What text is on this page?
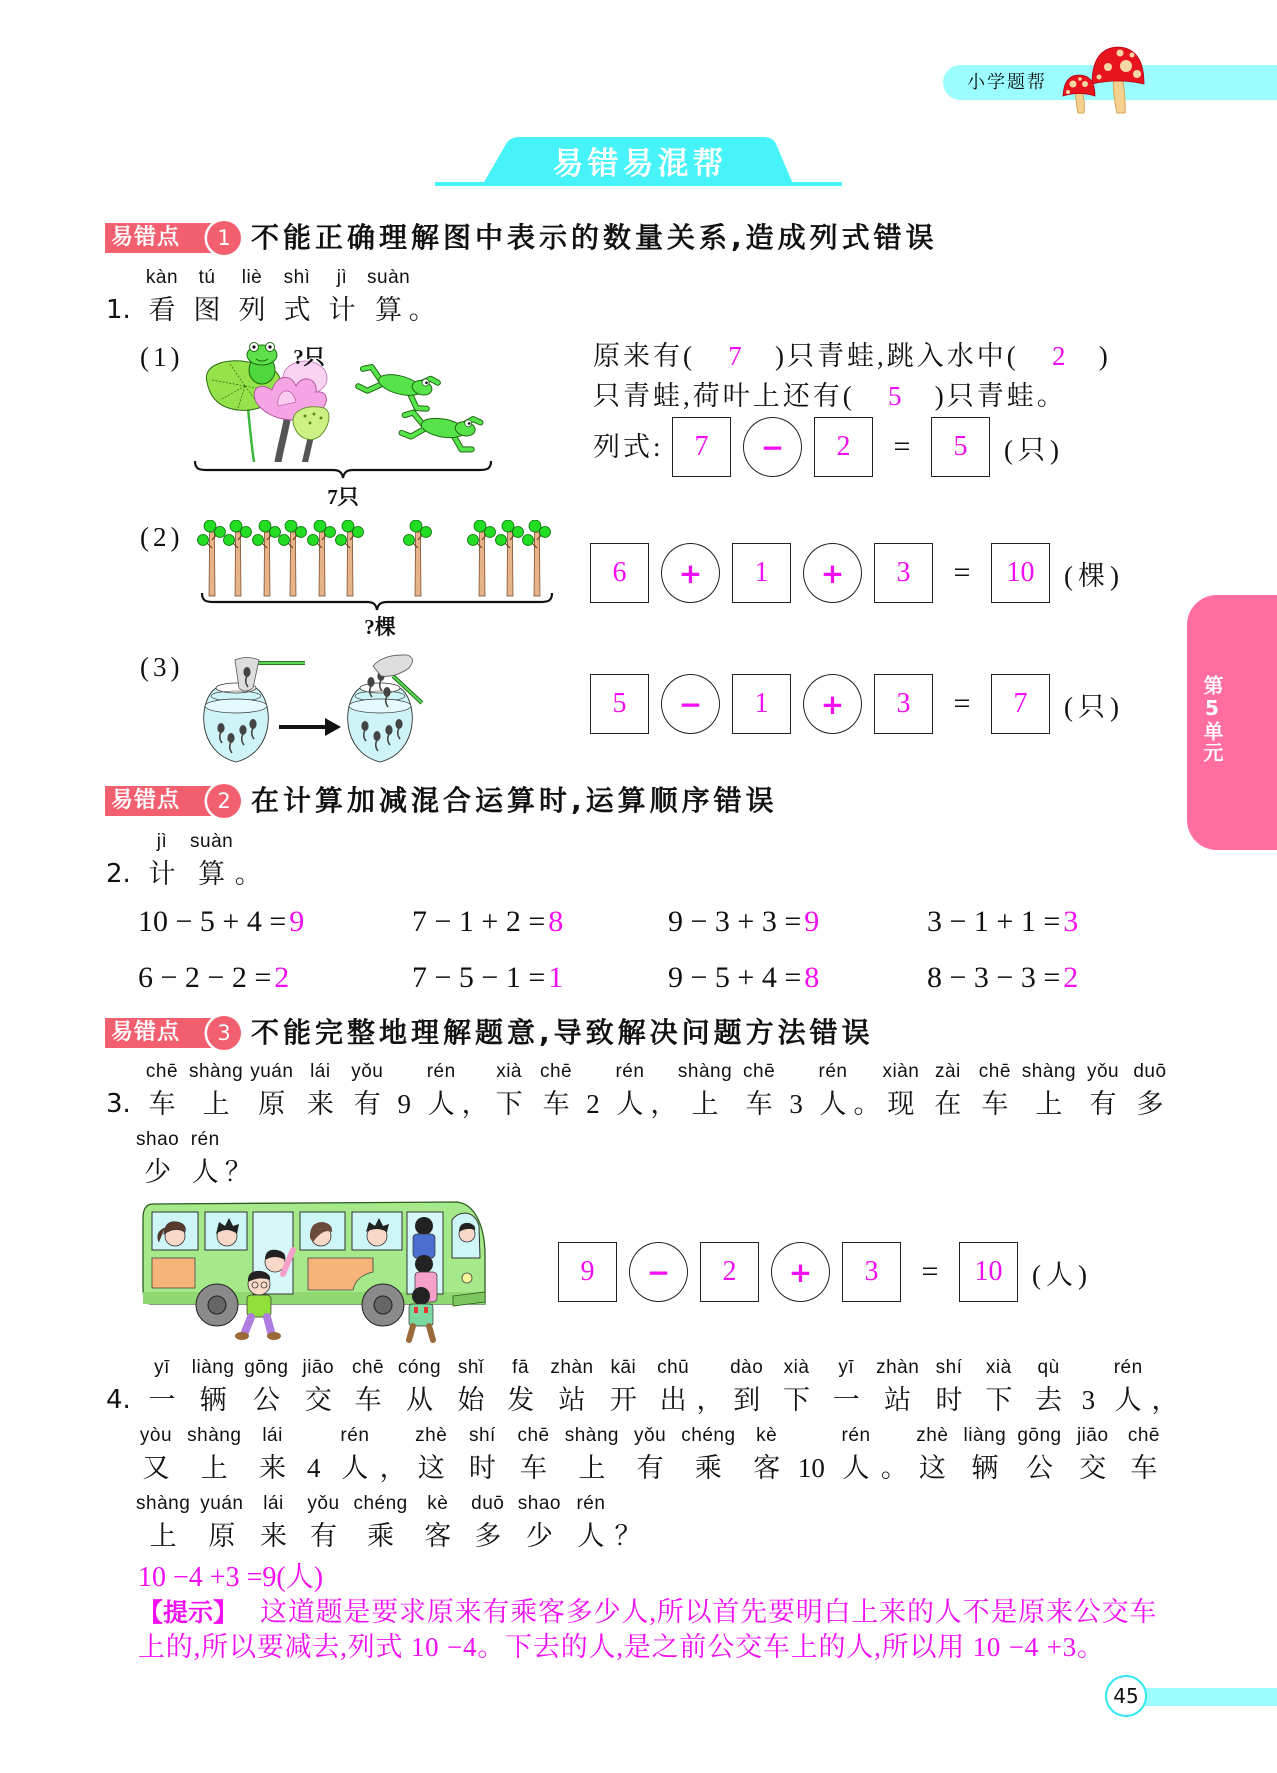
小学题帮
易错易混帮
第5单元
易错点	1 不能正确理解图中表示的数量关系,造成列式错误
1.
kàn
看
tú
图
liè
列
shì
式
jì
计
suàn
算 。
(1)	?只
7只
原来有( 7 )只青蛙,跳入水中( 2 )
只青蛙,荷叶上还有( 5 )只青蛙。
列式:	7	−	2	=	5	(只)
(2)
?棵
6	+	1	+	3	=	10	(棵)
(3)
5	−	1	+	3	=	7	(只)
易错点	2 在计算加减混合运算时,运算顺序错误
2.
jì
计
suàn
算 。
10 − 5 + 4 = 9	7 − 1 + 2 = 8	9 − 3 + 3 = 9	3 − 1 + 1 = 3
6 − 2 − 2 = 2	7 − 5 − 1 = 1	9 − 5 + 4 = 8	8 − 3 − 3 = 2
易错点	3 不能完整地理解题意,导致解决问题方法错误
3.
chē
车
shàng
上
yuán
原
lái
来
yǒu
有 9
rén
人 ，
xià
下
chē
车 2
rén
人 ，
shàng
上
chē
车 3
rén
人 。
xiàn
现
zài
在
chē
车
shàng
上
yǒu
有
duō
多
shao
少
rén
人 ？
9	−	2	+	3	=	10	(人)
4.
yī
一
liàng
辆
gōng
公
jiāo
交
chē
车
cóng
从
shǐ
始
fā
发
zhàn
站
kāi
开
chū
出 ，
dào
到
xià
下
yī
一
zhàn
站
shí
时
xià
下
qù
去 3
rén
人 ，
yòu
又
shàng
上
lái
来 4
rén
人 ，
zhè
这
shí
时
chē
车
shàng
上
yǒu
有
chéng
乘
kè
客 10
rén
人 。
zhè
这
liàng
辆
gōng
公
jiāo
交
chē
车
shàng
上
yuán
原
lái
来
yǒu
有
chéng
乘
kè
客
duō
多
shao
少
rén
人 ？
10 −4 +3 =9(人)
【提示】 这道题是要求原来有乘客多少人,所以首先要明白上来的人不是原来公交车
上的,所以要减去,列式 10 −4。下去的人,是之前公交车上的人,所以用 10 −4 +3。
45
